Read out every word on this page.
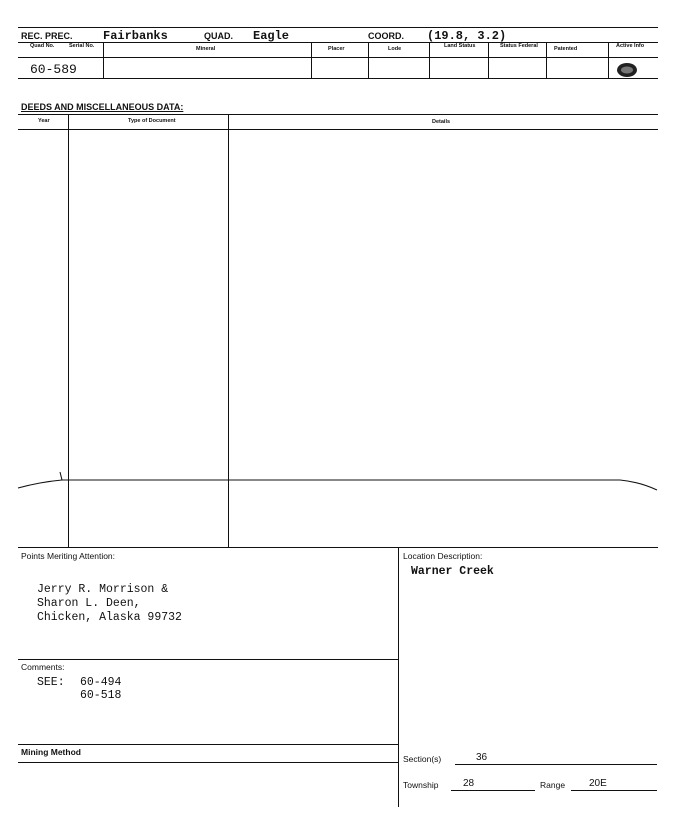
REC. PREC.	Fairbanks	QUAD. Eagle	COORD. (19.8, 3.2)
Quad No.	Serial No.	Mineral	Placer	Lode	Land Status	Status Federal	Patented	Active Info
60-589
DEEDS AND MISCELLANEOUS DATA:
Year	Type of Document	Details
Points Meriting Attention:
Jerry R. Morrison &
Sharon L. Deen,
Chicken, Alaska 99732
Location Description:
Warner Creek
Comments:
SEE: 60-494
60-518
Mining Method
Section(s)	36
Township 28	Range 20E
